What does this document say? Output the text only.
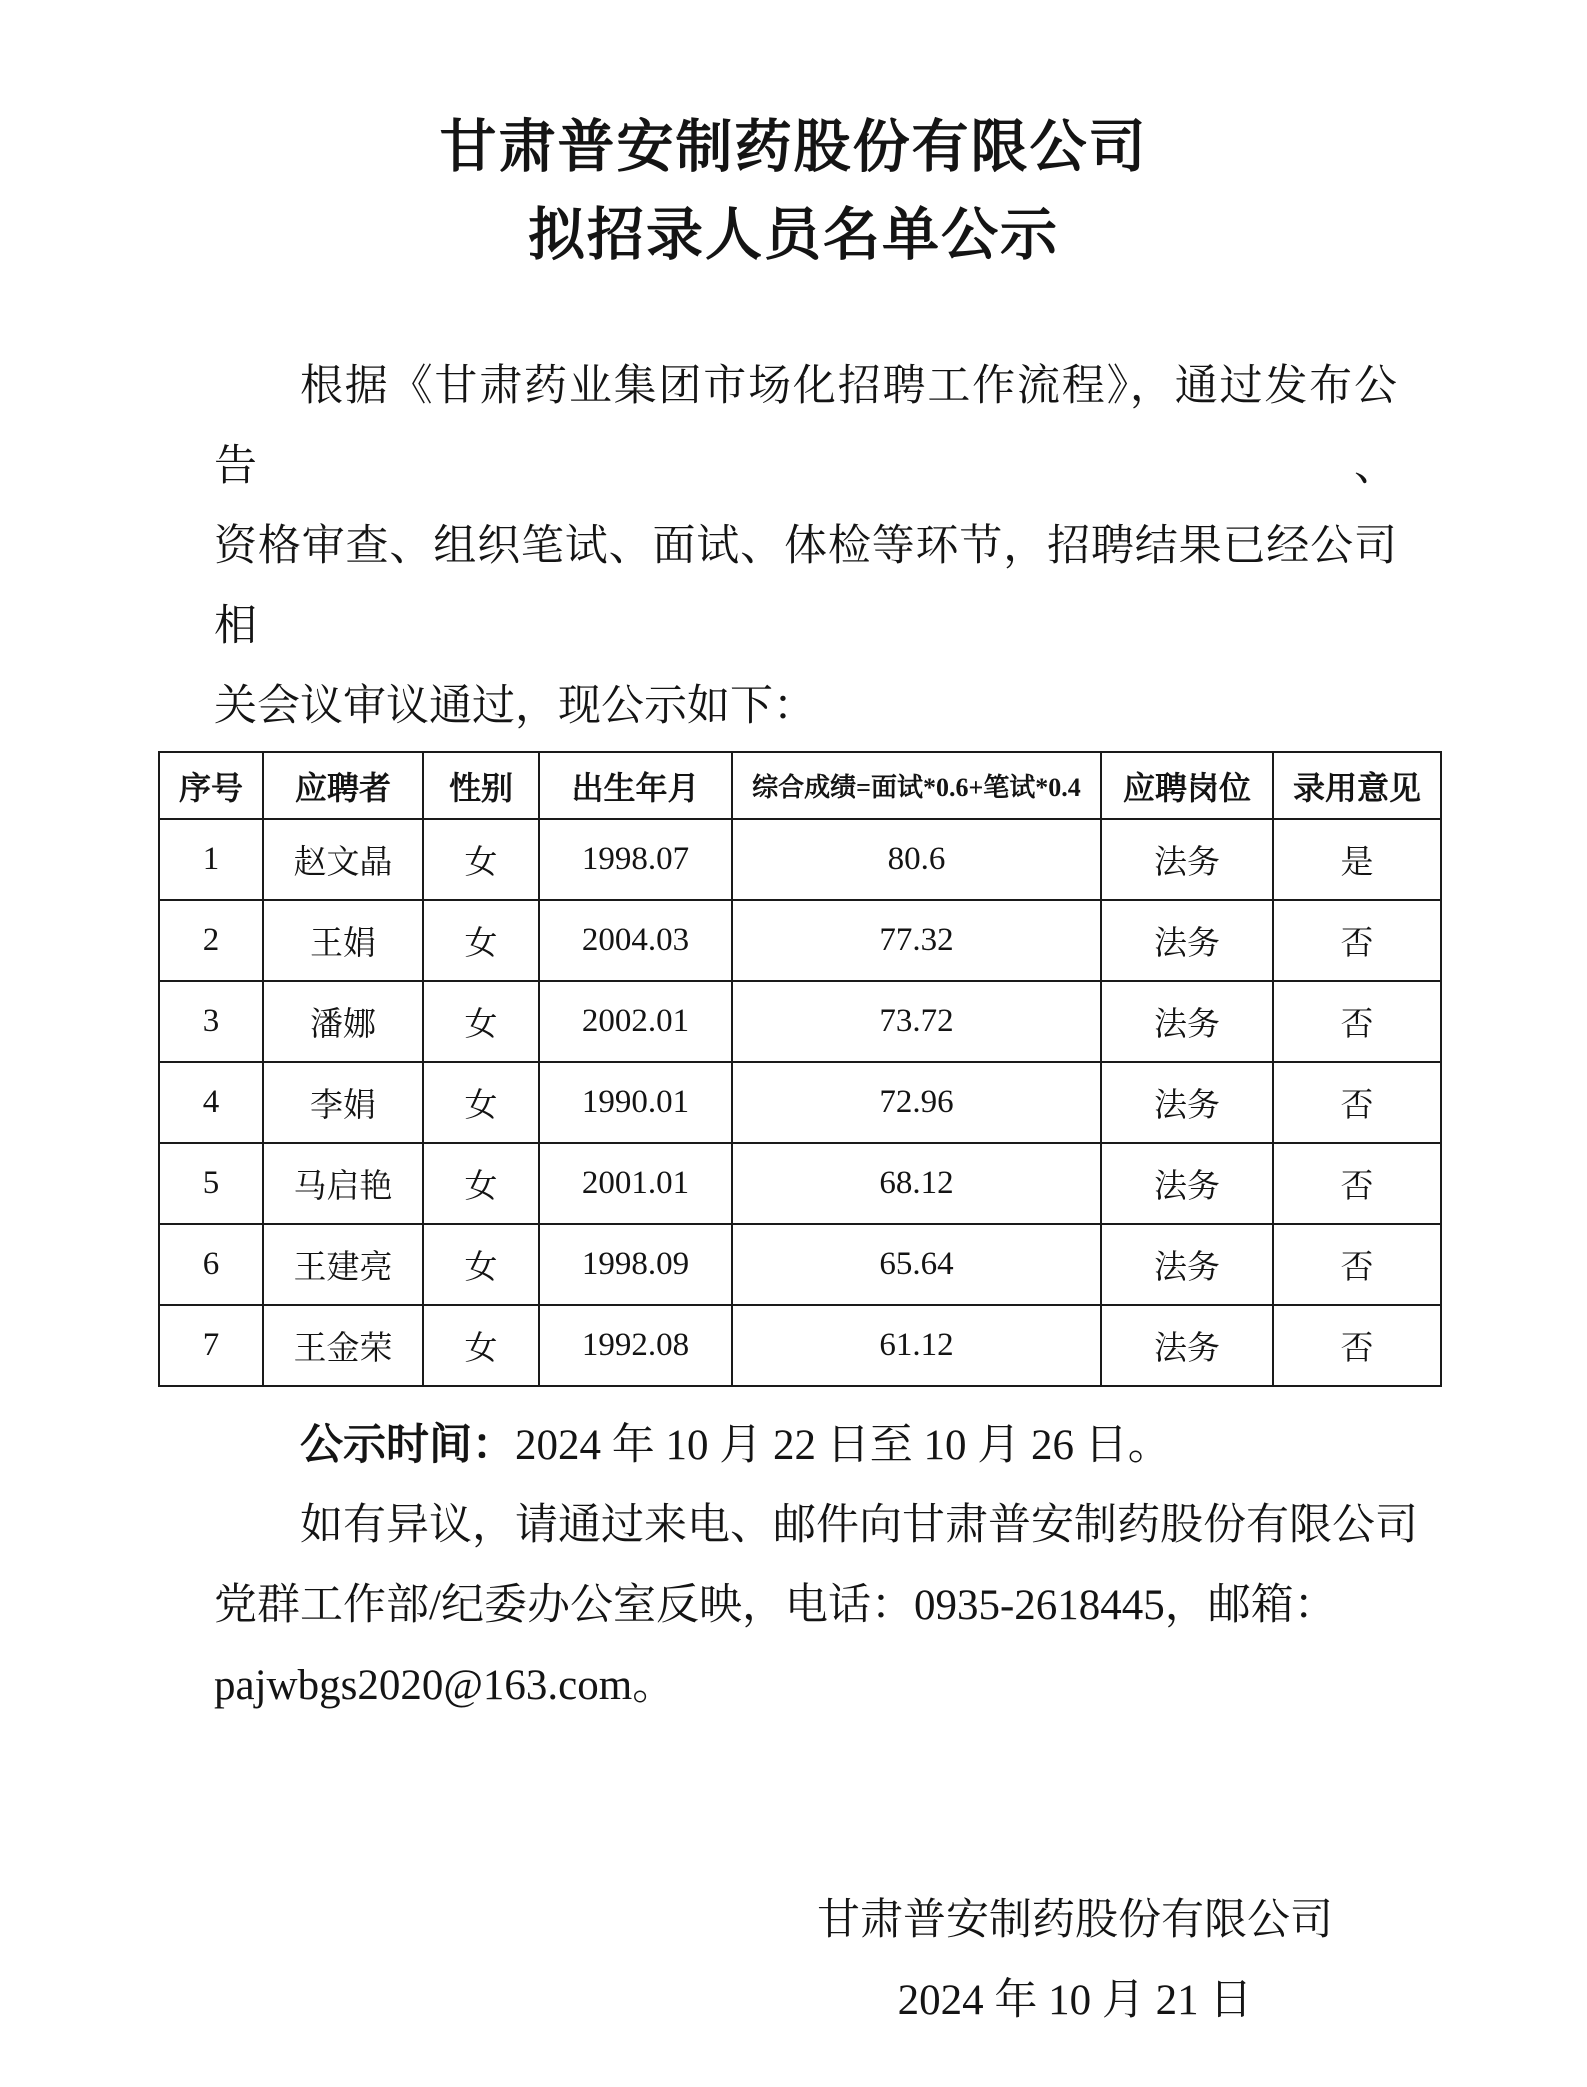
甘肃普安制药股份有限公司
拟招录人员名单公示
根据《甘肃药业集团市场化招聘工作流程》，通过发布公告、
资格审查、组织笔试、面试、体检等环节，招聘结果已经公司相
关会议审议通过，现公示如下：
序号	应聘者	性别	出生年月	综合成绩=面试*0.6+笔试*0.4	应聘岗位	录用意见
1	赵文晶	女	1998.07	80.6	法务	是
2	王娟	女	2004.03	77.32	法务	否
3	潘娜	女	2002.01	73.72	法务	否
4	李娟	女	1990.01	72.96	法务	否
5	马启艳	女	2001.01	68.12	法务	否
6	王建亮	女	1998.09	65.64	法务	否
7	王金荣	女	1992.08	61.12	法务	否
公示时间：2024 年 10 月 22 日至 10 月 26 日。
如有异议，请通过来电、邮件向甘肃普安制药股份有限公司
党群工作部/纪委办公室反映，电话：0935-2618445，邮箱：
pajwbgs2020@163.com。
甘肃普安制药股份有限公司
2024 年 10 月 21 日
